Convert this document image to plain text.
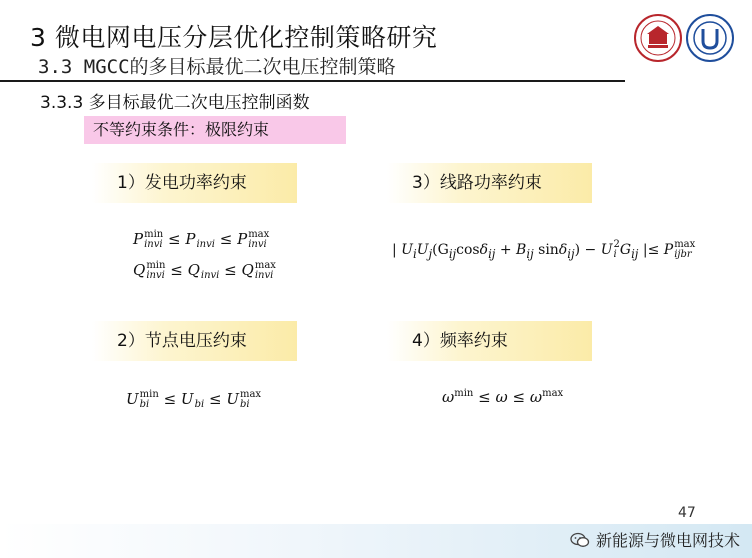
3 微电网电压分层优化控制策略研究
3.3 MGCC的多目标最优二次电压控制策略
3.3.3 多目标最优二次电压控制函数
不等约束条件：极限约束
1）发电功率约束	3）线路功率约束
2）节点电压约束	4）频率约束
P min
invi ≤ P
invi ≤ P max
invi
Q min
invi ≤ Q
invi ≤ Q max
invi
| $U_iU_j(G_{ij}\cos\delta_{ij} + B_{ij}$ sinδ$_{ij}$) − U 2
i $G_{ij}$ |≤ P max
ijbr
U min
bi ≤ U
bi ≤ U max
bi	$\omega^{min} \le \omega \le \omega^{max}$
47
新能源与微电网技术
